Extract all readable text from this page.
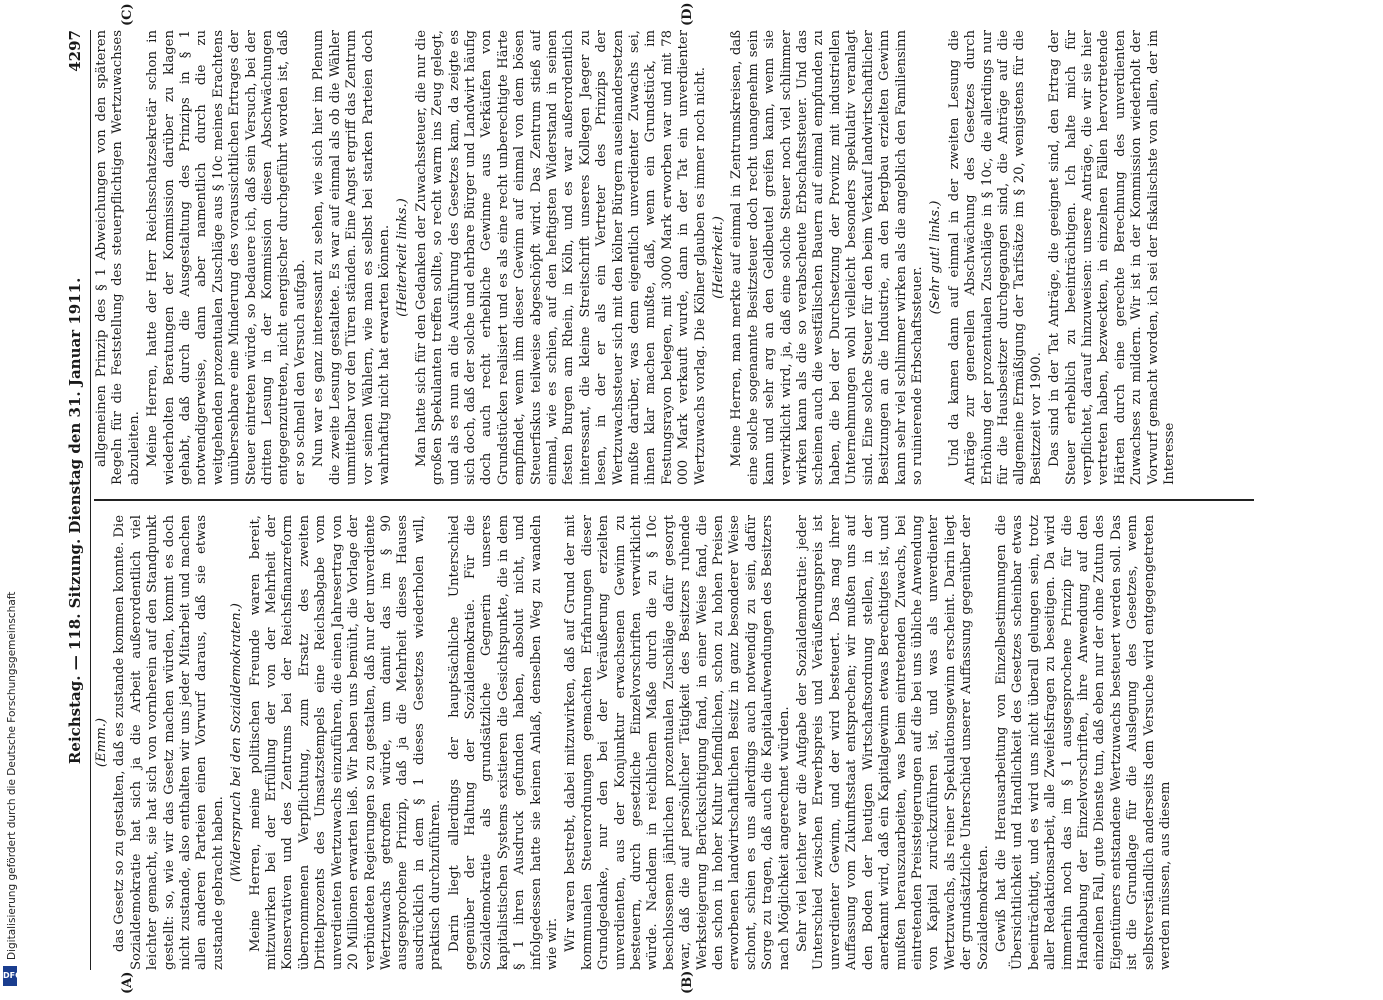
Reichstag. — 118. Sitzung. Dienstag den 31. Januar 1911.
4297

(Emm.) das Gesetz so zu gestalten, daß es zustande kommen konnte. Die Sozialdemokratie hat sich ja die Arbeit außerordentlich viel leichter gemacht, sie hat sich von vornherein auf den Standpunkt gestellt: so, wie wir das Gesetz machen würden, kommt es doch nicht zustande, also enthalten wir uns jeder Mitarbeit und machen allen anderen Parteien einen Vorwurf daraus, daß sie etwas zustande gebracht haben.

(Widerspruch bei den Sozialdemokraten.) Meine Herren, meine politischen Freunde waren bereit, mitzuwirken bei der Erfüllung der von der Mehrheit der Konservativen und des Zentrums bei der Reichsfinanzreform übernommenen Verpflichtung, zum Ersatz des zweiten Drittelprozents des Umsatzstempels eine Reichsabgabe vom unverdienten Wertzuwachs einzuführen, die einen Jahresertrag von 20 Millionen erwarten ließ. Wir haben uns bemüht, die Vorlage der verbündeten Regierungen so zu gestalten, daß nur der unverdiente Wertzuwachs getroffen würde, um damit das im § 90 ausgesprochene Prinzip, daß ja die Mehrheit dieses Hauses ausdrücklich in dem § 1 dieses Gesetzes wiederholen will, praktisch durchzuführen. Darin liegt allerdings der hauptsächliche Unterschied gegenüber der Haltung der Sozialdemokratie. Für die Sozialdemokratie als grundsätzliche Gegnerin unseres kapitalistischen Systems existieren die Gesichtspunkte, die in dem § 1 ihren Ausdruck gefunden haben, absolut nicht, und infolgedessen hatte sie keinen Anlaß, denselben Weg zu wandeln wie wir. Wir waren bestrebt, dabei mitzuwirken, daß auf Grund der mit kommunalen Steuerordnungen gemachten Erfahrungen dieser Grundgedanke, nur den bei der Veräußerung erzielten unverdienten, aus der Konjunktur erwachsenen Gewinn zu besteuern, durch gesetzliche Einzelvorschriften verwirklicht würde. Nachdem in reichlichem Maße durch die zu § 10c beschlossenen jährlichen prozentualen Zuschläge dafür gesorgt war, daß die auf persönlicher Tätigkeit des Besitzers ruhende Werksteigerung Berücksichtigung fand, in einer Weise fand, die den schon in hoher Kultur befindlichen, schon zu hohen Preisen erworbenen landwirtschaftlichen Besitz in ganz besonderer Weise schont, schien es uns allerdings auch notwendig zu sein, dafür Sorge zu tragen, daß auch die Kapitalaufwendungen des Besitzers nach Möglichkeit angerechnet würden. Sehr viel leichter war die Aufgabe der Sozialdemokratie: jeder Unterschied zwischen Erwerbspreis und Veräußerungspreis ist unverdienter Gewinn, und der wird besteuert. Das mag ihrer Auffassung vom Zukunftsstaat entsprechen; wir mußten uns auf den Boden der heutigen Wirtschaftsordnung stellen, in der anerkannt wird, daß ein Kapitalgewinn etwas Berechtigtes ist, und mußten herauszuarbeiten, was beim eintretenden Zuwachs, bei eintretenden Preissteigerungen auf die bei uns übliche Anwendung von Kapital zurückzuführen ist, und was als unverdienter Wertzuwachs, als reiner Spekulationsgewinn erscheint. Darin liegt der grundsätzliche Unterschied unserer Auffassung gegenüber der Sozialdemokraten. Gewiß hat die Herausarbeitung von Einzelbestimmungen die Übersichtlichkeit und Handlichkeit des Gesetzes scheinbar etwas beeinträchtigt, und es wird uns nicht überall gelungen sein, trotz aller Redaktionsarbeit, alle Zweifelsfragen zu beseitigen. Da wird immerhin noch das im § 1 ausgesprochene Prinzip für die Handhabung der Einzelvorschriften, ihre Anwendung auf den einzelnen Fall, gute Dienste tun, daß eben nur der ohne Zutun des Eigentümers entstandene Wertzuwachs besteuert werden soll. Das ist die Grundlage für die Auslegung des Gesetzes, wenn selbstverständlich anderseits dem Versuche wird entgegengetreten werden müssen, aus diesem

allgemeinen Prinzip des § 1 Abweichungen von den späteren Regeln für die Feststellung des steuerpflichtigen Wertzuwachses abzuleiten. Meine Herren, hatte der Herr Reichsschatzsekretär schon in wiederholten Beratungen der Kommission darüber zu klagen gehabt, daß durch die Ausgestaltung des Prinzips in § 1 notwendigerweise, dann aber namentlich durch die zu weitgehenden prozentualen Zuschläge aus § 10c meines Erachtens unübersehbare eine Minderung des voraussichtlichen Ertrages der Steuer eintreten würde, so bedauere ich, daß sein Versuch, bei der dritten Lesung in der Kommission diesen Abschwächungen entgegenzutreten, nicht energischer durchgeführt worden ist, daß er so schnell den Versuch aufgab. Nun war es ganz interessant zu sehen, wie sich hier im Plenum die zweite Lesung gestaltete. Es war auf einmal als ob die Wähler unmittelbar vor den Türen ständen. Eine Angst ergriff das Zentrum vor seinen Wählern, wie man es selbst bei starken Parteien doch wahrhaftig nicht hat erwarten können. (Heiterkeit links.) Man hatte sich für den Gedanken der Zuwachssteuer, die nur die großen Spekulanten treffen sollte, so recht warm ins Zeug gelegt, und als es nun an die Ausführung des Gesetzes kam, da zeigte es sich doch, daß der solche und ehrbare Bürger und Landwirt häufig doch auch recht erhebliche Gewinne aus Verkäufen von Grundstücken realisiert und es als eine recht unberechtigte Härte empfindet, wenn ihm dieser Gewinn auf einmal von dem bösen Steuerfiskus teilweise abgeschöpft wird. Das Zentrum stieß auf einmal, wie es schien, auf den heftigsten Widerstand in seinen festen Burgen am Rhein, in Köln, und es war außerordentlich interessant, die kleine Streitschrift unseres Kollegen Jaeger zu lesen, in der er als ein Vertreter des Prinzips der Wertzuwachssteuer sich mit den kölner Bürgern auseinandersetzen mußte darüber, was denn eigentlich unverdienter Zuwachs sei, ihnen klar machen mußte, daß, wenn ein Grundstück, im Festungsrayon belegen, mit 3000 Mark erworben war und mit 78 000 Mark verkauft wurde, dann in der Tat ein unverdienter Wertzuwachs vorlag. Die Kölner glauben es immer noch nicht. (Heiterkeit.) Meine Herren, man merkte auf einmal in Zentrumskreisen, daß eine solche sogenannte Besitzsteuer doch recht unangenehm sein kann und sehr arg an den Geldbeutel greifen kann, wenn sie verwirklicht wird, ja, daß eine solche Steuer noch viel schlimmer wirken kann als die so verabscheute Erbschaftssteuer. Und das scheinen auch die westfälischen Bauern auf einmal empfunden zu haben, die bei der Durchsetzung der Provinz mit industriellen Unternehmungen wohl vielleicht besonders spekulativ veranlagt sind. Eine solche Steuer für den beim Verkauf landwirtschaftlicher Besitzungen an die Industrie, an den Bergbau erzielten Gewinn kann sehr viel schlimmer wirken als die angeblich den Familiensinn so ruinierende Erbschaftssteuer.

(Sehr gut! links.) Und da kamen dann auf einmal in der zweiten Lesung die Anträge zur generellen Abschwächung des Gesetzes durch Erhöhung der prozentualen Zuschläge in § 10c, die allerdings nur für die Hausbesitzer durchgegangen sind, die Anträge auf die allgemeine Ermäßigung der Tarifsätze im § 20, wenigstens für die Besitzzeit vor 1900. Das sind in der Tat Anträge, die geeignet sind, den Ertrag der Steuer erheblich zu beeinträchtigen. Ich halte mich für verpflichtet, darauf hinzuweisen: unsere Anträge, die wir sie hier vertreten haben, bezweckten, in einzelnen Fällen hervortretende Härten durch eine gerechte Berechnung des unverdienten Zuwachses zu mildern. Wir ist in der Kommission wiederholt der Vorwurf gemacht worden, ich sei der fiskalischste von allen, der im Interesse

(A)	(B)
(C)	(D)
Digitalisierung gefördert durch die Deutsche Forschungsgemeinschaft
DFG
